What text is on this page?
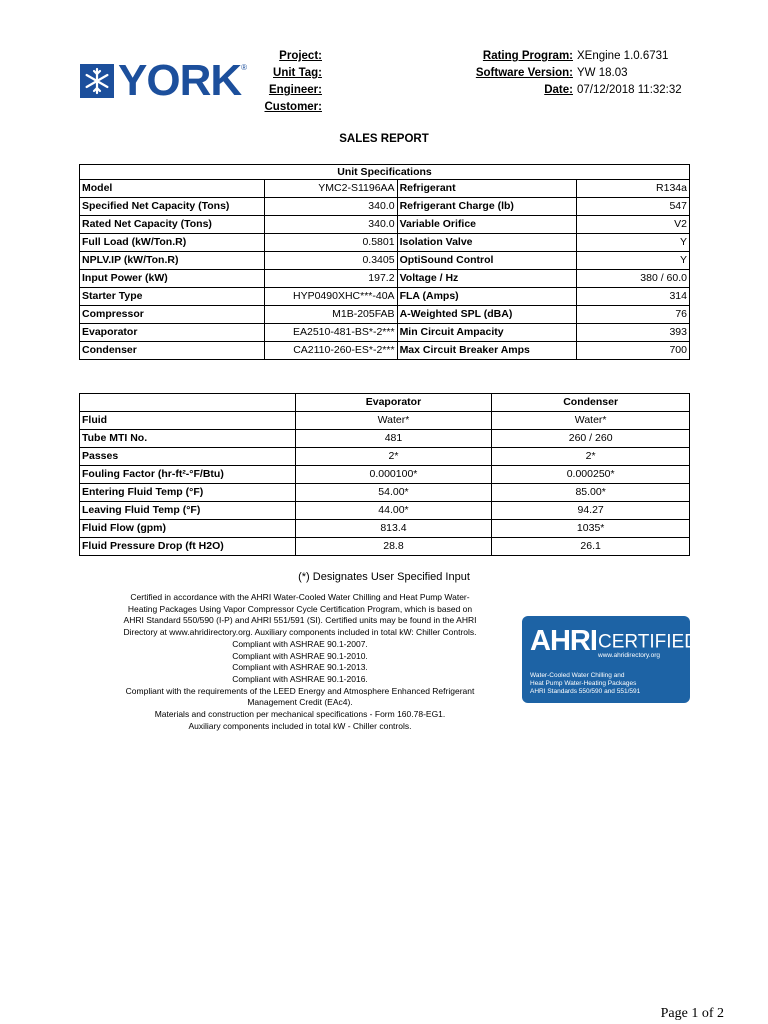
YORK ®
Project:
Unit Tag:
Engineer:
Customer:
Rating Program: XEngine 1.0.6731
Software Version: YW 18.03
Date: 07/12/2018 11:32:32
SALES REPORT
Unit Specifications			
Model	YMC2-S1196AA	Refrigerant	R134a
Specified Net Capacity (Tons)	340.0	Refrigerant Charge (lb)	547
Rated Net Capacity (Tons)	340.0	Variable Orifice	V2
Full Load (kW/Ton.R)	0.5801	Isolation Valve	Y
NPLV.IP (kW/Ton.R)	0.3405	OptiSound Control	Y
Input Power (kW)	197.2	Voltage / Hz	380 / 60.0
Starter Type	HYP0490XHC***-40A	FLA (Amps)	314
Compressor	M1B-205FAB	A-Weighted SPL (dBA)	76
Evaporator	EA2510-481-BS*-2***	Min Circuit Ampacity	393
Condenser	CA2110-260-ES*-2***	Max Circuit Breaker Amps	700
	Evaporator	Condenser
Fluid	Water*	Water*
Tube MTI No.	481	260 / 260
Passes	2*	2*
Fouling Factor (hr-ft²-°F/Btu)	0.000100*	0.000250*
Entering Fluid Temp (°F)	54.00*	85.00*
Leaving Fluid Temp (°F)	44.00*	94.27
Fluid Flow (gpm)	813.4	1035*
Fluid Pressure Drop (ft H2O)	28.8	26.1
(*) Designates User Specified Input
Certified in accordance with the AHRI Water-Cooled Water Chilling and Heat Pump Water-
Heating Packages Using Vapor Compressor Cycle Certification Program, which is based on
AHRI Standard 550/590 (I-P) and AHRI 551/591 (SI). Certified units may be found in the AHRI
Directory at www.ahridirectory.org. Auxiliary components included in total kW: Chiller Controls.
Compliant with ASHRAE 90.1-2007.
Compliant with ASHRAE 90.1-2010.
Compliant with ASHRAE 90.1-2013.
Compliant with ASHRAE 90.1-2016.
Compliant with the requirements of the LEED Energy and Atmosphere Enhanced Refrigerant
Management Credit (EAc4).
Materials and construction per mechanical specifications - Form 160.78-EG1.
Auxiliary components included in total kW - Chiller controls.
AHRI CERTIFIED®
www.ahridirectory.org
Water-Cooled Water Chilling and
Heat Pump Water-Heating Packages
AHRI Standards 550/590 and 551/591
Page 1 of 2
